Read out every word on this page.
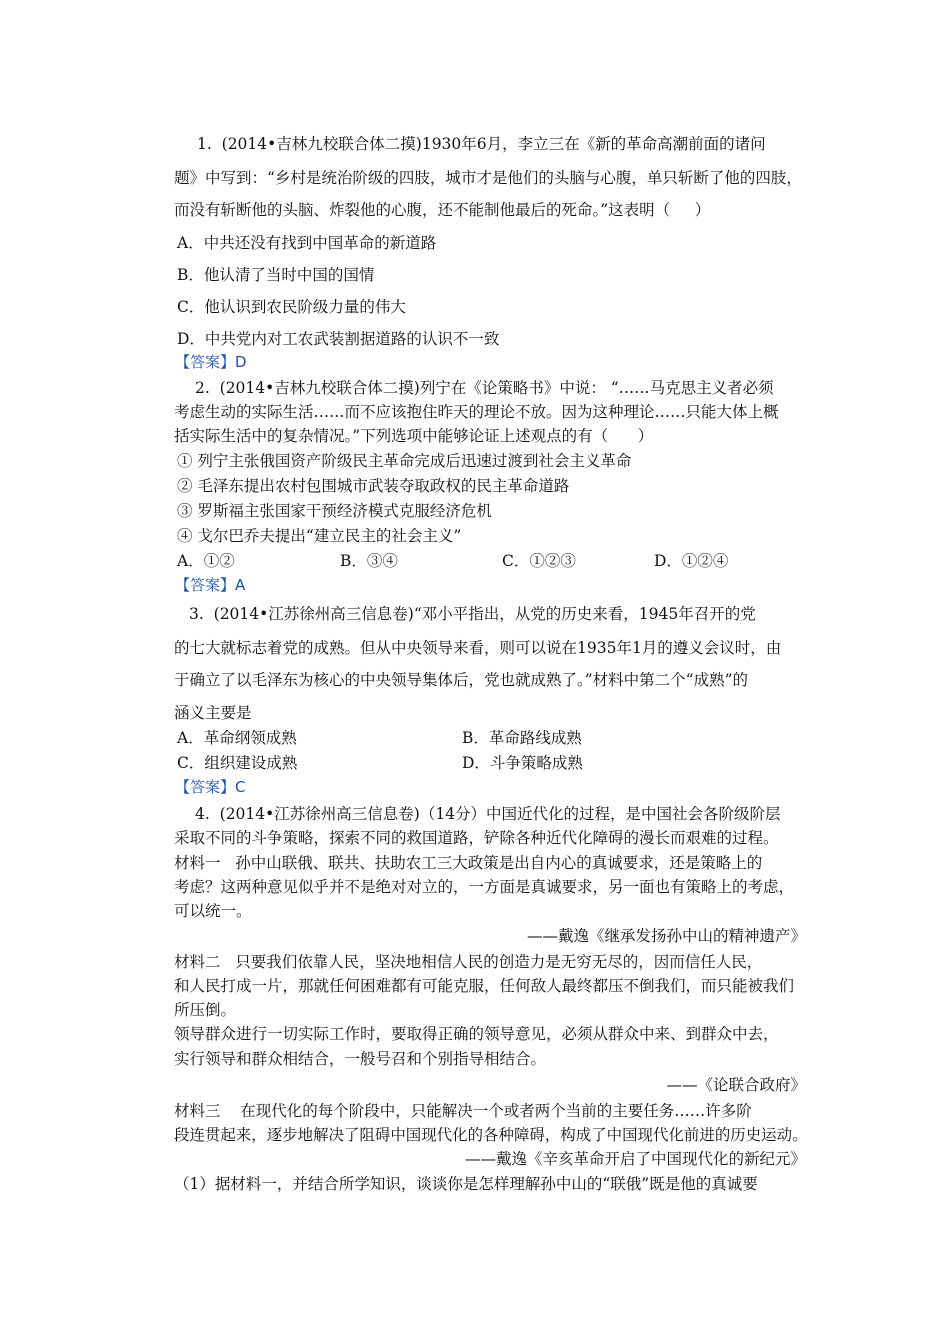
1.  (2014•吉林九校联合体二摸)1930年6月，李立三在《新的革命高潮前面的诸问
题》中写到：“乡村是统治阶级的四肢，城市才是他们的头脑与心腹，单只斩断了他的四肢，
而没有斩断他的头脑、炸裂他的心腹，还不能制他最后的死命。”这表明（     ）
A．中共还没有找到中国革命的新道路
B．他认清了当时中国的国情
C．他认识到农民阶级力量的伟大
D．中共党内对工农武装割据道路的认识不一致
【答案】D
2.  (2014•吉林九校联合体二摸)列宁在《论策略书》中说： “……马克思主义者必须
考虑生动的实际生活……而不应该抱住昨天的理论不放。因为这种理论……只能大体上概
括实际生活中的复杂情况。”下列选项中能够论证上述观点的有（      ）
① 列宁主张俄国资产阶级民主革命完成后迅速过渡到社会主义革命
② 毛泽东提出农村包围城市武装夺取政权的民主革命道路
③ 罗斯福主张国家干预经济模式克服经济危机
④ 戈尔巴乔夫提出“建立民主的社会主义”
A．①②	B．③④	C．①②③	D．①②④
【答案】A
3.  (2014•江苏徐州高三信息卷)“邓小平指出，从党的历史来看，1945年召开的党
的七大就标志着党的成熟。但从中央领导来看，则可以说在1935年1月的遵义会议时，由
于确立了以毛泽东为核心的中央领导集体后，党也就成熟了。”材料中第二个“成熟”的
涵义主要是
A．革命纲领成熟	B．革命路线成熟
C．组织建设成熟	D．斗争策略成熟
【答案】C
4.  (2014•江苏徐州高三信息卷)（14分）中国近代化的过程，是中国社会各阶级阶层
采取不同的斗争策略，探索不同的救国道路，铲除各种近代化障碍的漫长而艰难的过程。
材料一   孙中山联俄、联共、扶助农工三大政策是出自内心的真诚要求，还是策略上的
考虑？这两种意见似乎并不是绝对对立的，一方面是真诚要求，另一面也有策略上的考虑，
可以统一。
——戴逸《继承发扬孙中山的精神遗产》
材料二   只要我们依靠人民，坚决地相信人民的创造力是无穷无尽的，因而信任人民，
和人民打成一片，那就任何困难都有可能克服，任何敌人最终都压不倒我们，而只能被我们
所压倒。
领导群众进行一切实际工作时，要取得正确的领导意见，必须从群众中来、到群众中去，
实行领导和群众相结合，一般号召和个别指导相结合。
——《论联合政府》
材料三    在现代化的每个阶段中，只能解决一个或者两个当前的主要任务……许多阶
段连贯起来，逐步地解决了阻碍中国现代化的各种障碍，构成了中国现代化前进的历史运动。
——戴逸《辛亥革命开启了中国现代化的新纪元》
（1）据材料一，并结合所学知识，谈谈你是怎样理解孙中山的“联俄”既是他的真诚要
